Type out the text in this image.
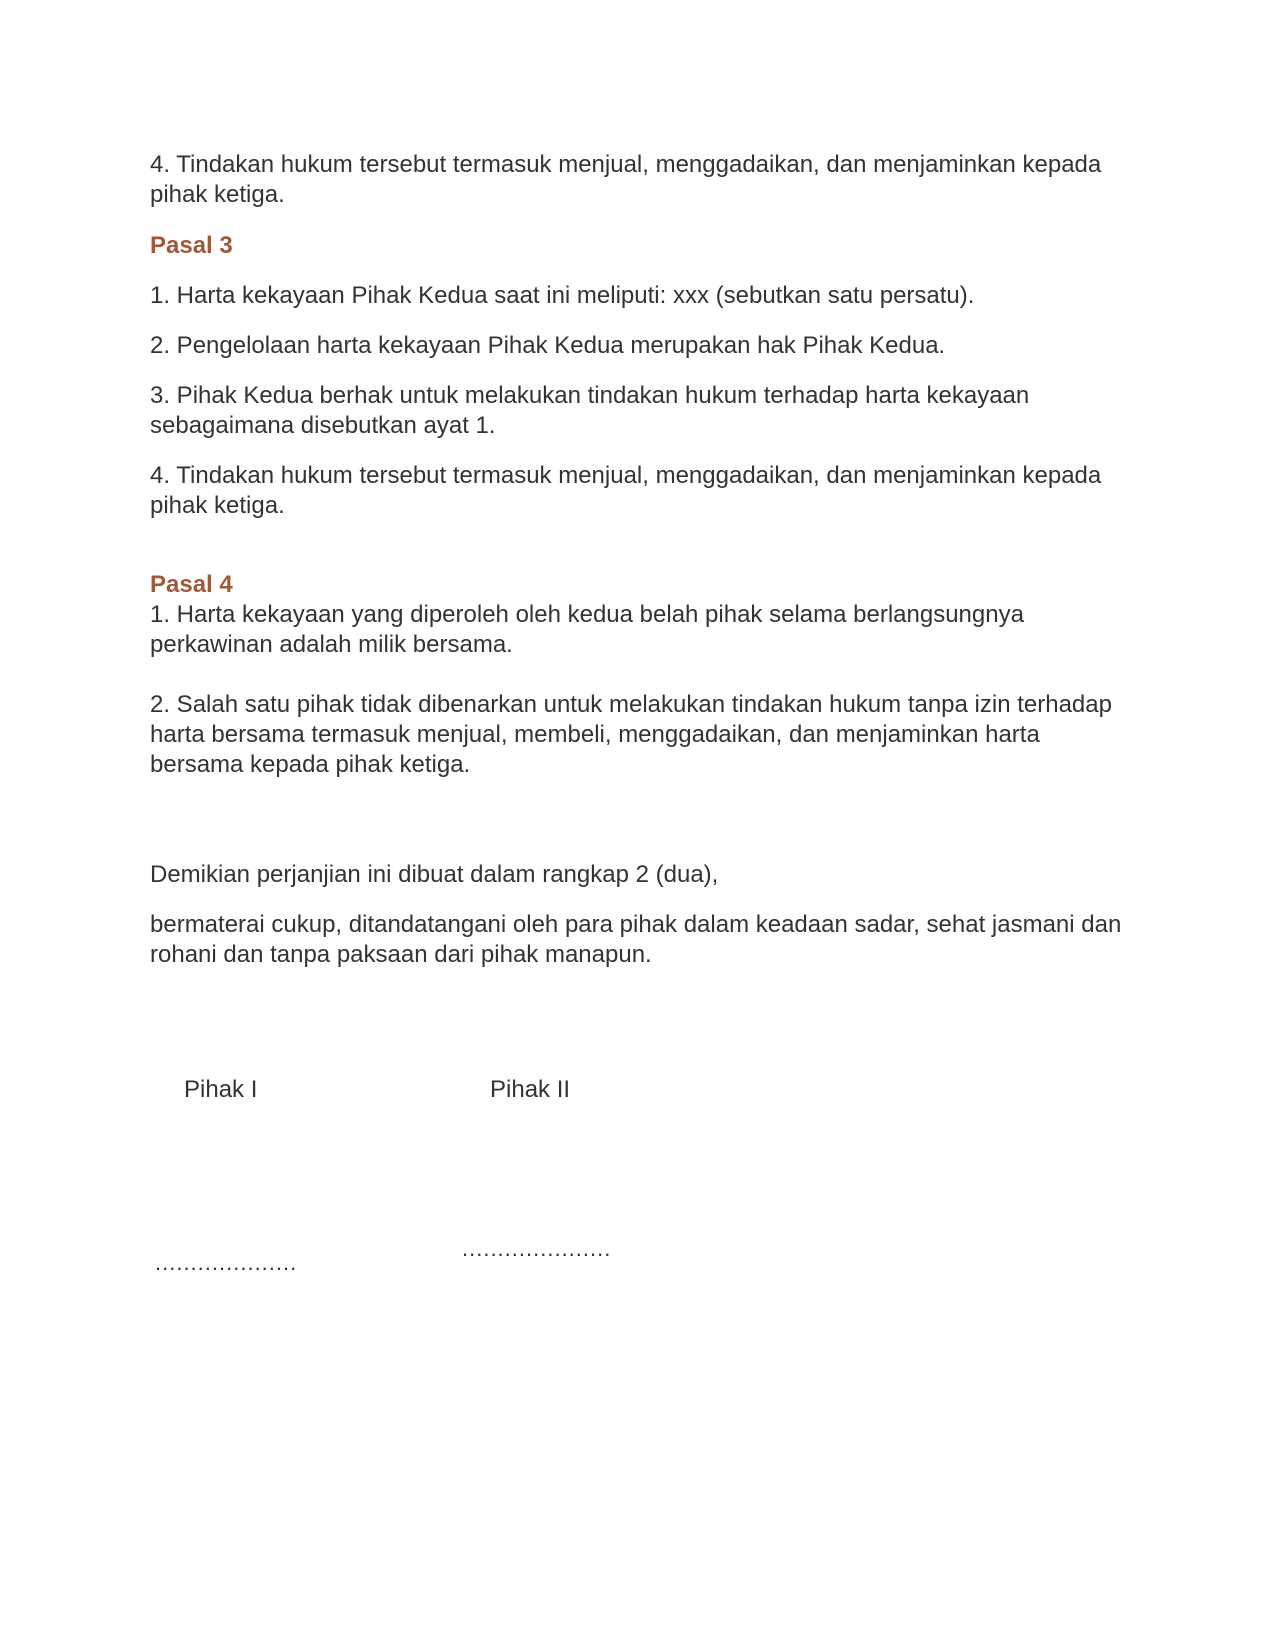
4. Tindakan hukum tersebut termasuk menjual, menggadaikan, dan menjaminkan kepada pihak ketiga.

Pasal 3

1. Harta kekayaan Pihak Kedua saat ini meliputi: xxx (sebutkan satu persatu).

2. Pengelolaan harta kekayaan Pihak Kedua merupakan hak Pihak Kedua.

3. Pihak Kedua berhak untuk melakukan tindakan hukum terhadap harta kekayaan sebagaimana disebutkan ayat 1.

4. Tindakan hukum tersebut termasuk menjual, menggadaikan, dan menjaminkan kepada pihak ketiga.

Pasal 4

1. Harta kekayaan yang diperoleh oleh kedua belah pihak selama berlangsungnya perkawinan adalah milik bersama.

2. Salah satu pihak tidak dibenarkan untuk melakukan tindakan hukum tanpa izin terhadap harta bersama termasuk menjual, membeli, menggadaikan, dan menjaminkan harta bersama kepada pihak ketiga.

Demikian perjanjian ini dibuat dalam rangkap 2 (dua),

bermaterai cukup, ditandatangani oleh para pihak dalam keadaan sadar, sehat jasmani dan rohani dan tanpa paksaan dari pihak manapun.

Pihak I	Pihak II
....................
.....................
